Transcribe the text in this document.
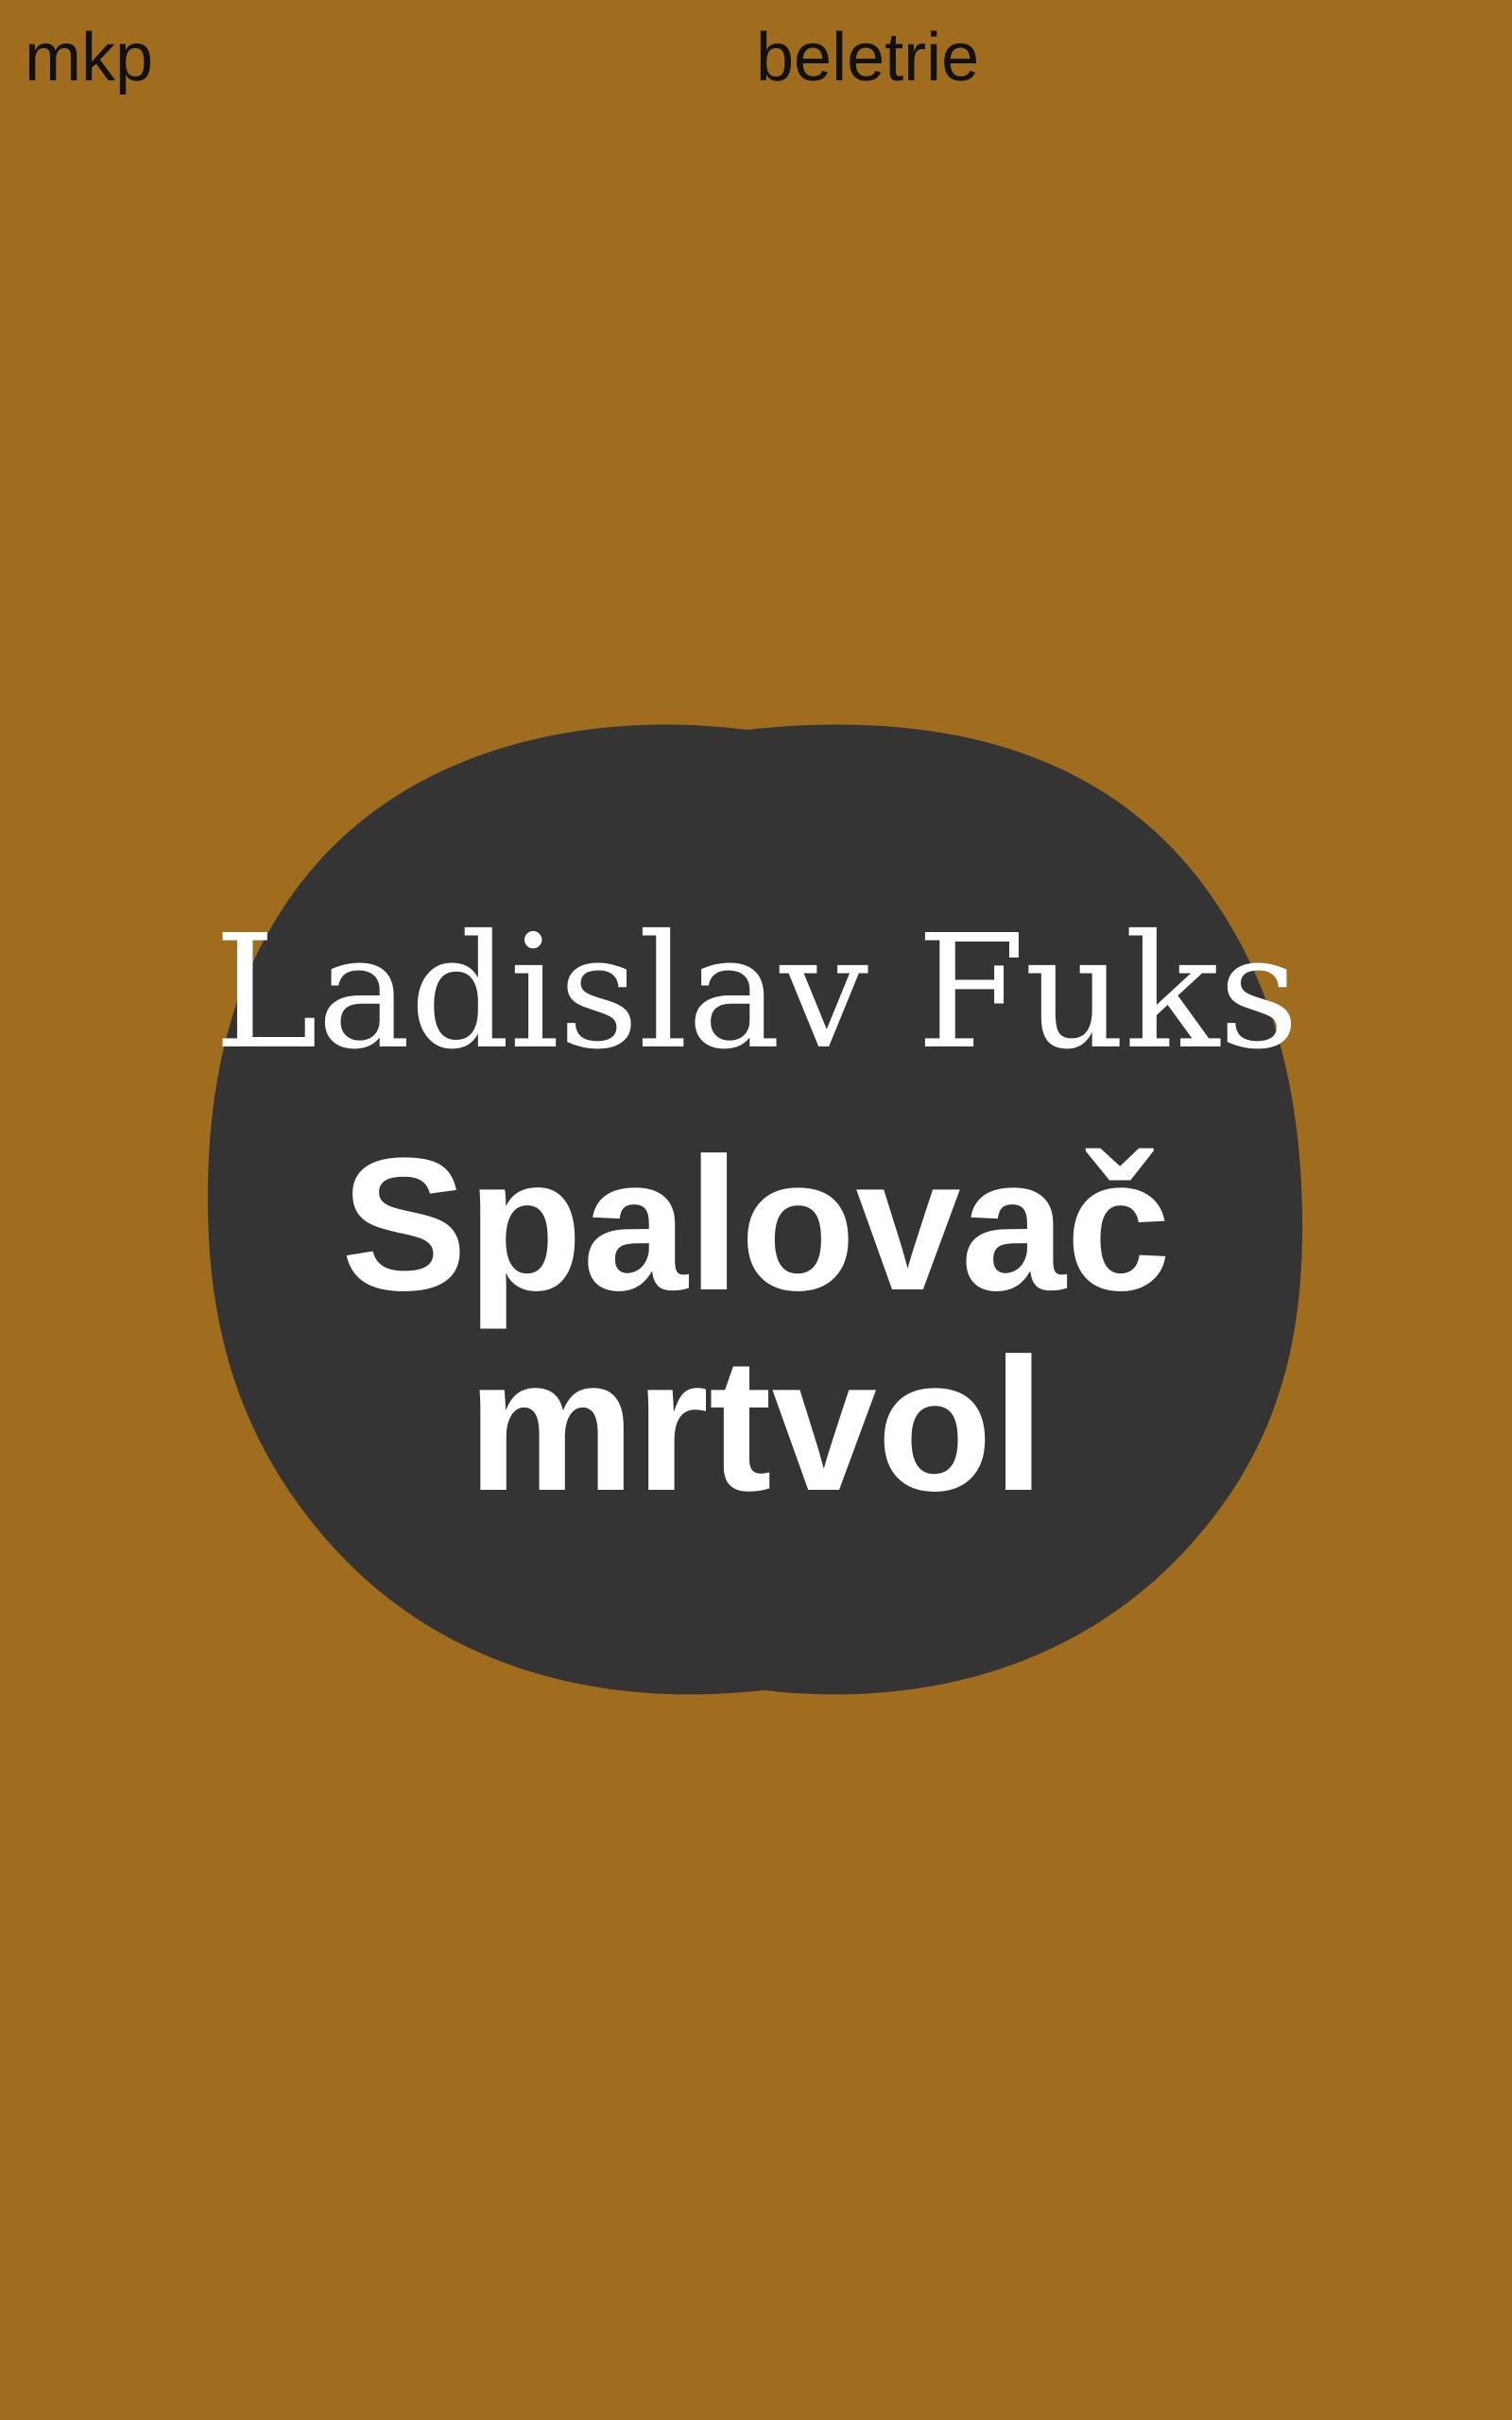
mkp	beletrie
Ladislav Fuks
Spalovač
mrtvol
